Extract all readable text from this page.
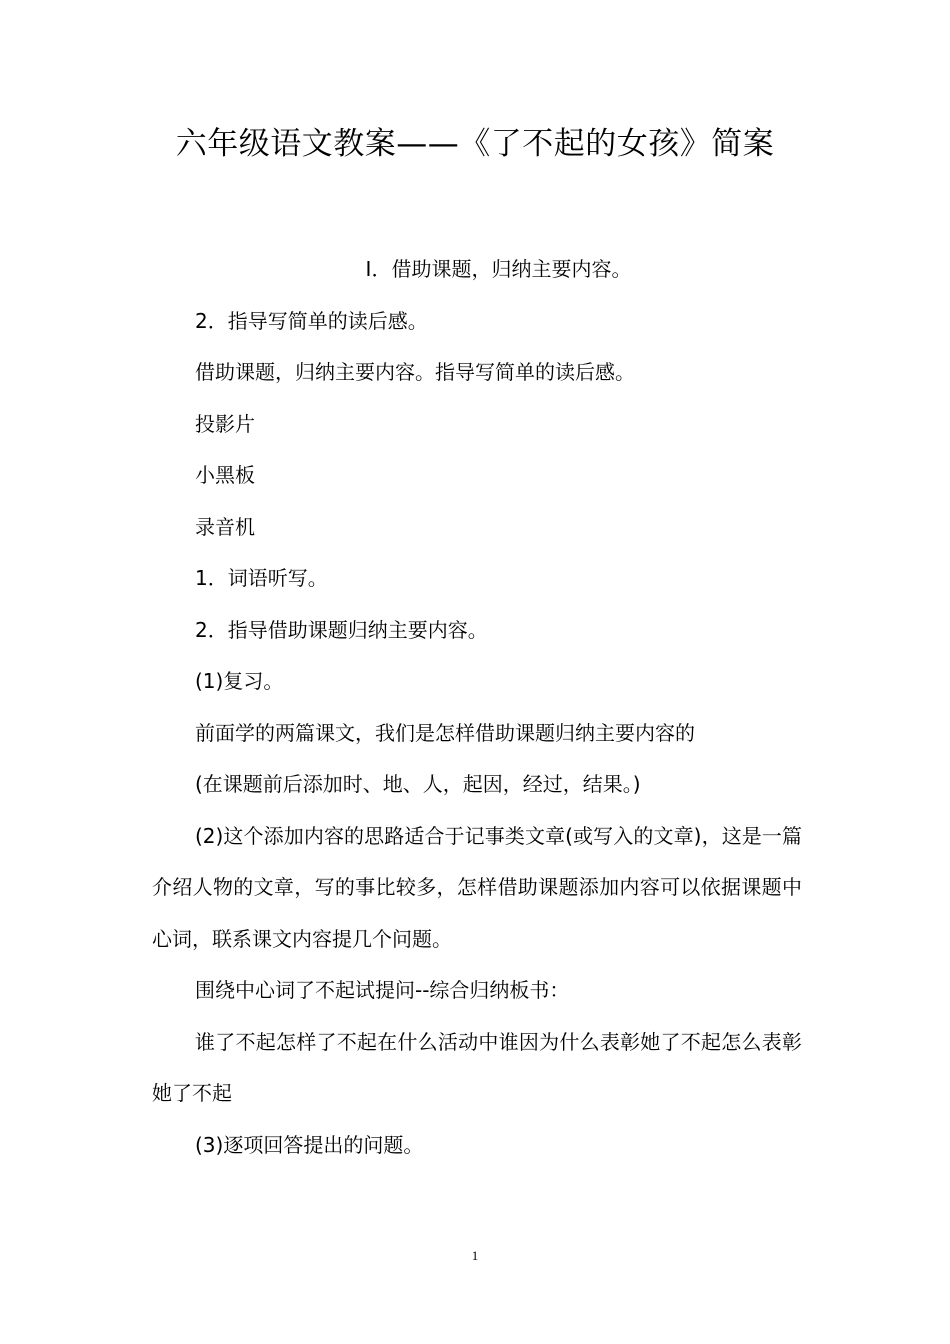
六年级语文教案——《了不起的女孩》简案

I．借助课题，归纳主要内容。

2．指导写简单的读后感。

借助课题，归纳主要内容。指导写简单的读后感。

投影片

小黑板

录音机

1．词语听写。

2．指导借助课题归纳主要内容。

(1)复习。

前面学的两篇课文，我们是怎样借助课题归纳主要内容的

(在课题前后添加时、地、人，起因，经过，结果。)

(2)这个添加内容的思路适合于记事类文章(或写入的文章)，这是一篇介绍人物的文章，写的事比较多，怎样借助课题添加内容可以依据课题中心词，联系课文内容提几个问题。

围绕中心词了不起试提问--综合归纳板书：

谁了不起怎样了不起在什么活动中谁因为什么表彰她了不起怎么表彰她了不起

(3)逐项回答提出的问题。

1
